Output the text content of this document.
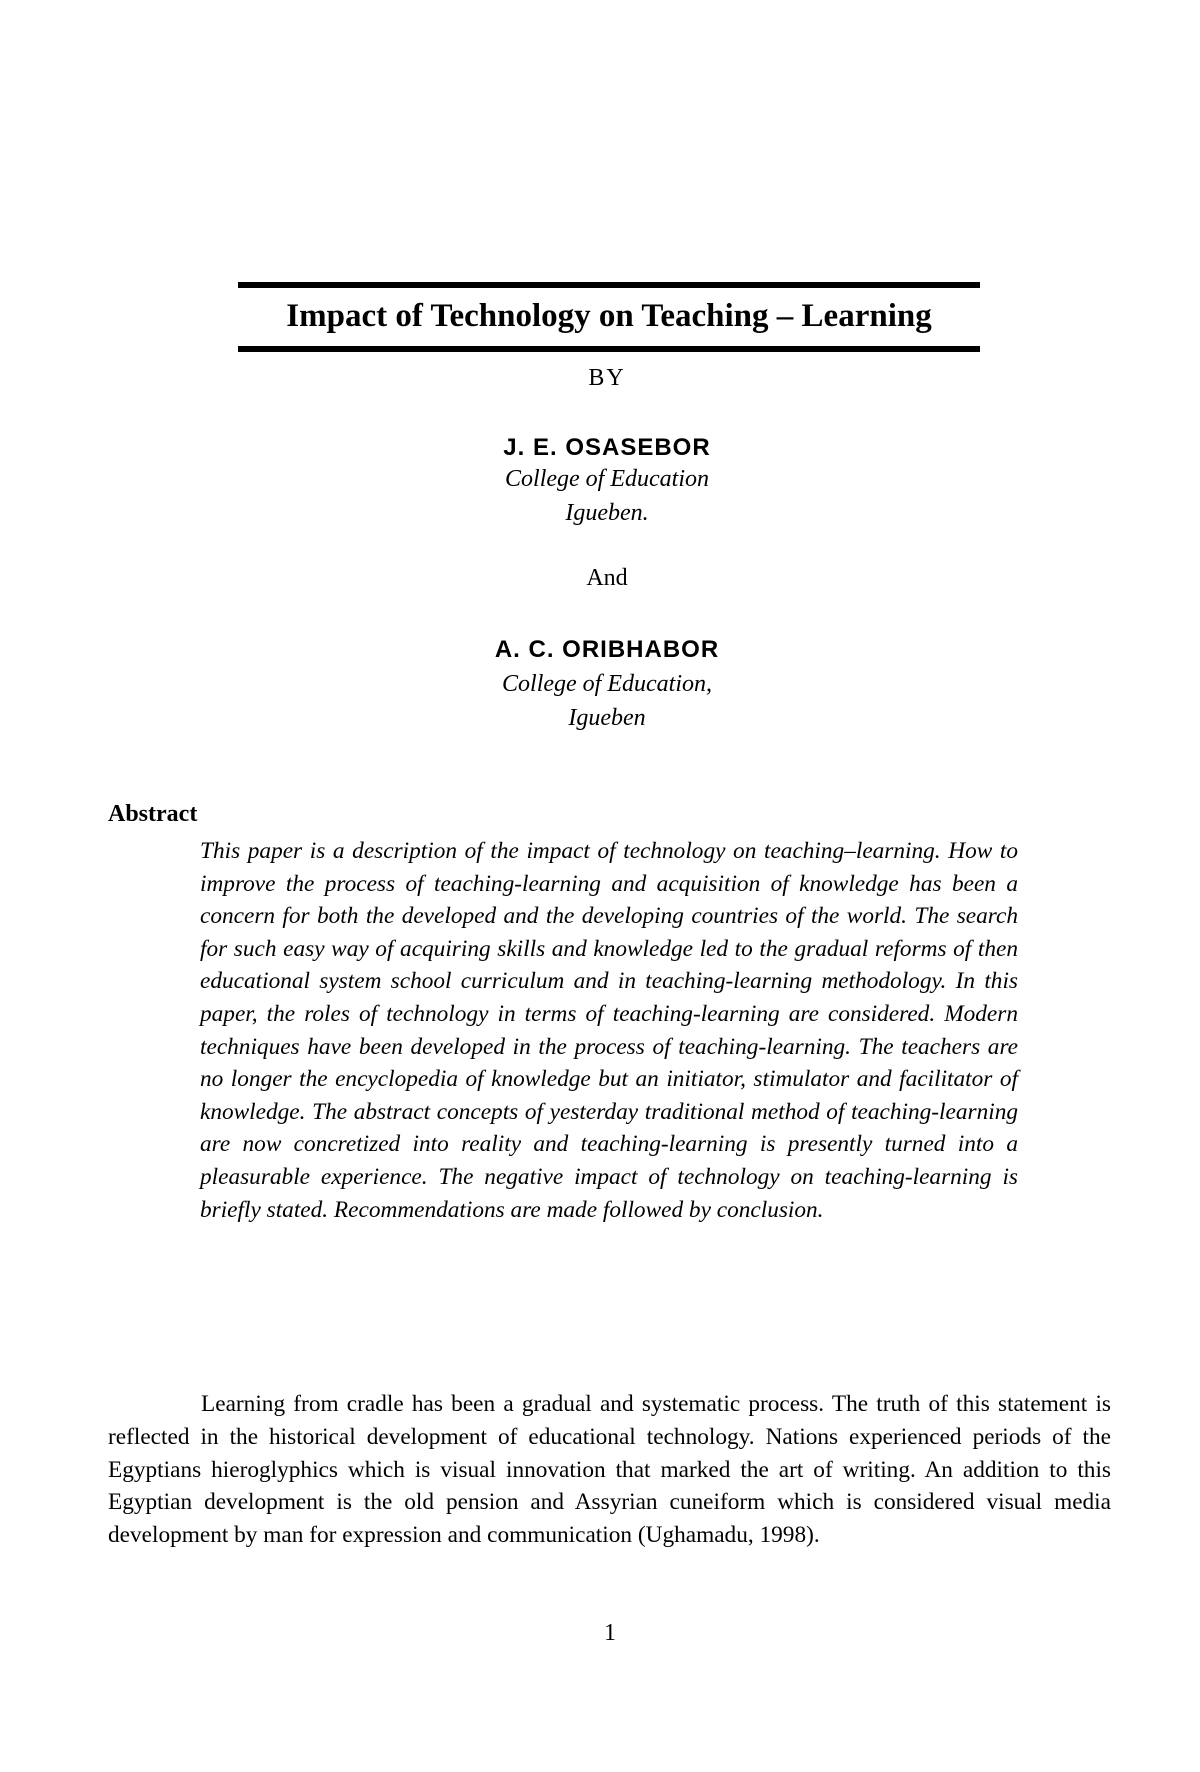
Impact of Technology on Teaching – Learning
BY
J. E. OSASEBOR
College of Education
Igueben.
And
A. C. ORIBHABOR
College of Education,
Igueben
Abstract

This paper is a description of the impact of technology on teaching–learning. How to improve the process of teaching-learning and acquisition of knowledge has been a concern for both the developed and the developing countries of the world. The search for such easy way of acquiring skills and knowledge led to the gradual reforms of then educational system school curriculum and in teaching-learning methodology. In this paper, the roles of technology in terms of teaching-learning are considered. Modern techniques have been developed in the process of teaching-learning. The teachers are no longer the encyclopedia of knowledge but an initiator, stimulator and facilitator of knowledge. The abstract concepts of yesterday traditional method of teaching-learning are now concretized into reality and teaching-learning is presently turned into a pleasurable experience. The negative impact of technology on teaching-learning is briefly stated. Recommendations are made followed by conclusion.

Learning from cradle has been a gradual and systematic process. The truth of this statement is reflected in the historical development of educational technology. Nations experienced periods of the Egyptians hieroglyphics which is visual innovation that marked the art of writing. An addition to this Egyptian development is the old pension and Assyrian cuneiform which is considered visual media development by man for expression and communication (Ughamadu, 1998).

1
